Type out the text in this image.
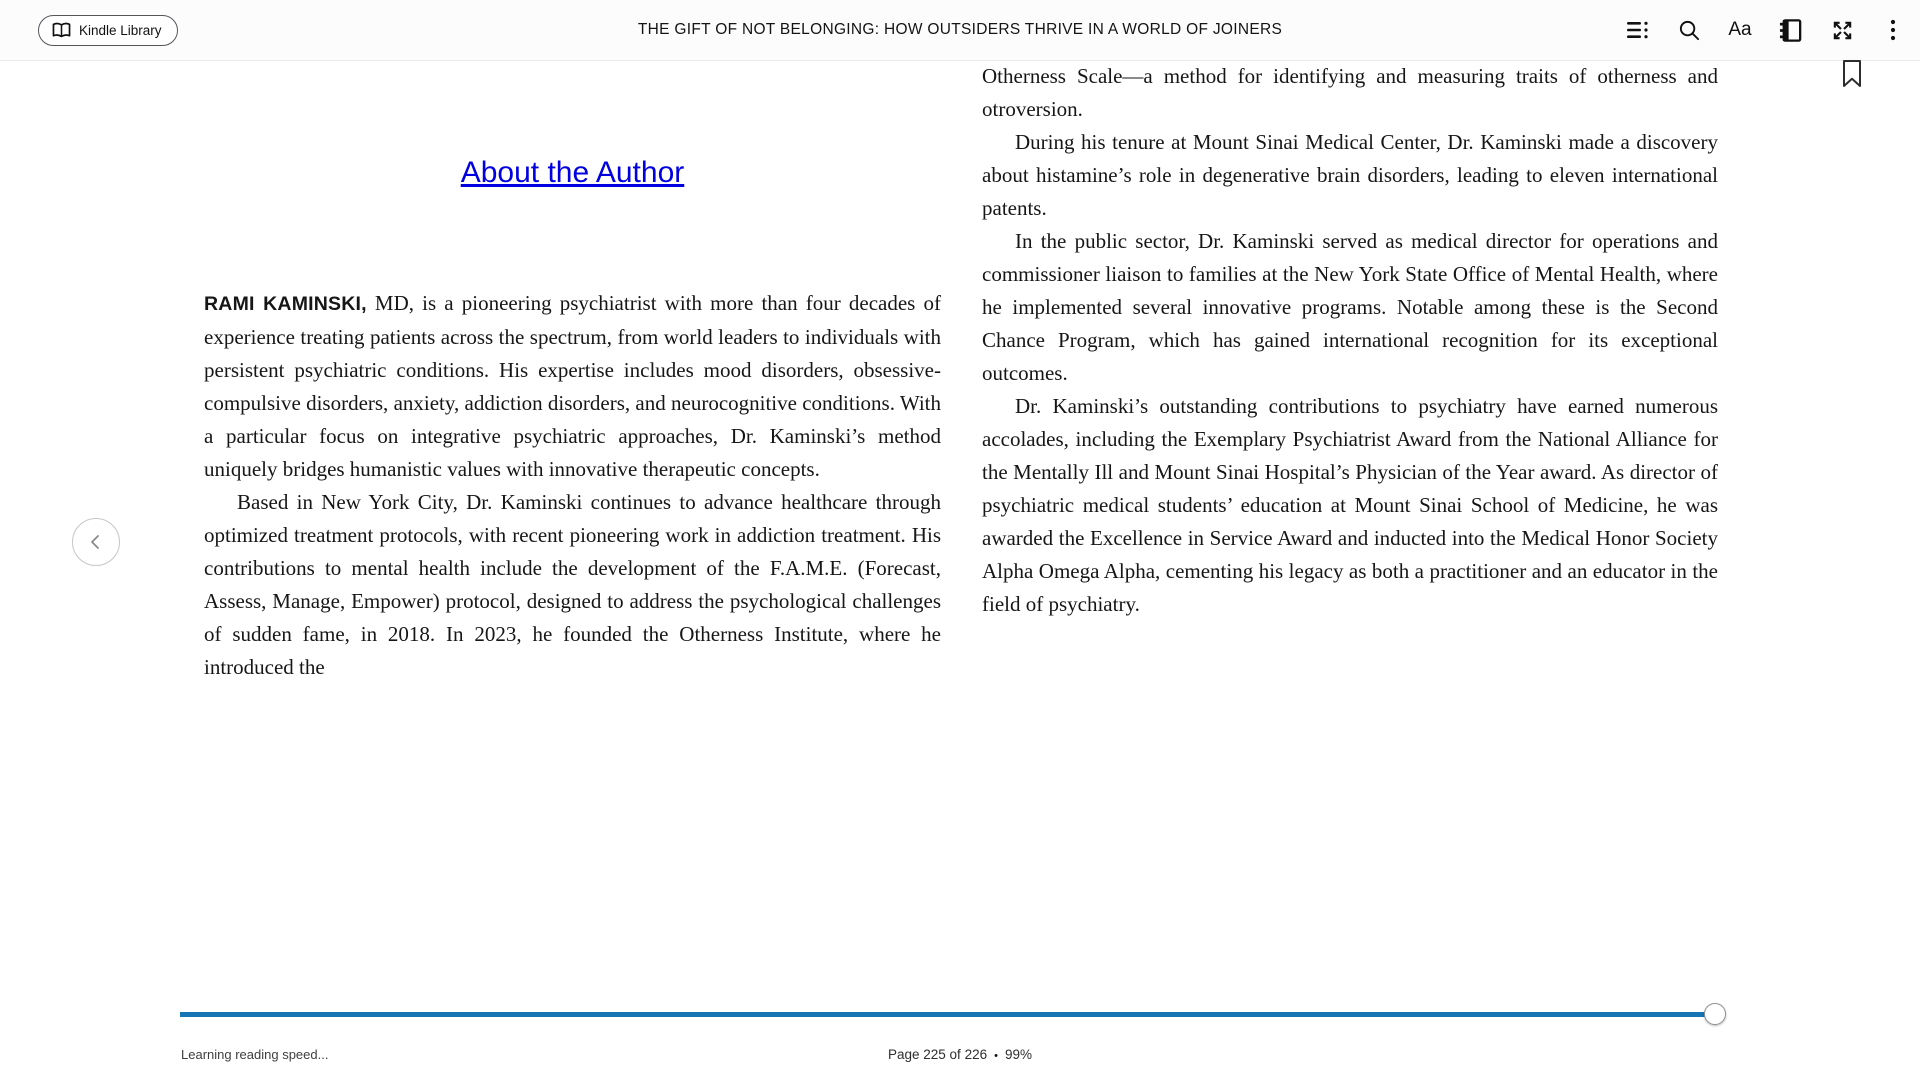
Kindle Library	THE GIFT OF NOT BELONGING: HOW OUTSIDERS THRIVE IN A WORLD OF JOINERS	Aa
About the Author

RAMI KAMINSKI, MD, is a pioneering psychiatrist with more than four decades of experience treating patients across the spectrum, from world leaders to individuals with persistent psychiatric conditions. His expertise includes mood disorders, obsessive-compulsive disorders, anxiety, addiction disorders, and neurocognitive conditions. With a particular focus on integrative psychiatric approaches, Dr. Kaminski’s method uniquely bridges humanistic values with innovative therapeutic concepts.

Based in New York City, Dr. Kaminski continues to advance healthcare through optimized treatment protocols, with recent pioneering work in addiction treatment. His contributions to mental health include the development of the F.A.M.E. (Forecast, Assess, Manage, Empower) protocol, designed to address the psychological challenges of sudden fame, in 2018. In 2023, he founded the Otherness Institute, where he introduced the

Otherness Scale—a method for identifying and measuring traits of otherness and otroversion.

During his tenure at Mount Sinai Medical Center, Dr. Kaminski made a discovery about histamine’s role in degenerative brain disorders, leading to eleven international patents.

In the public sector, Dr. Kaminski served as medical director for operations and commissioner liaison to families at the New York State Office of Mental Health, where he implemented several innovative programs. Notable among these is the Second Chance Program, which has gained international recognition for its exceptional outcomes.

Dr. Kaminski’s outstanding contributions to psychiatry have earned numerous accolades, including the Exemplary Psychiatrist Award from the National Alliance for the Mentally Ill and Mount Sinai Hospital’s Physician of the Year award. As director of psychiatric medical students’ education at Mount Sinai School of Medicine, he was awarded the Excellence in Service Award and inducted into the Medical Honor Society Alpha Omega Alpha, cementing his legacy as both a practitioner and an educator in the field of psychiatry.

Learning reading speed...	Page 225 of 226 • 99%
